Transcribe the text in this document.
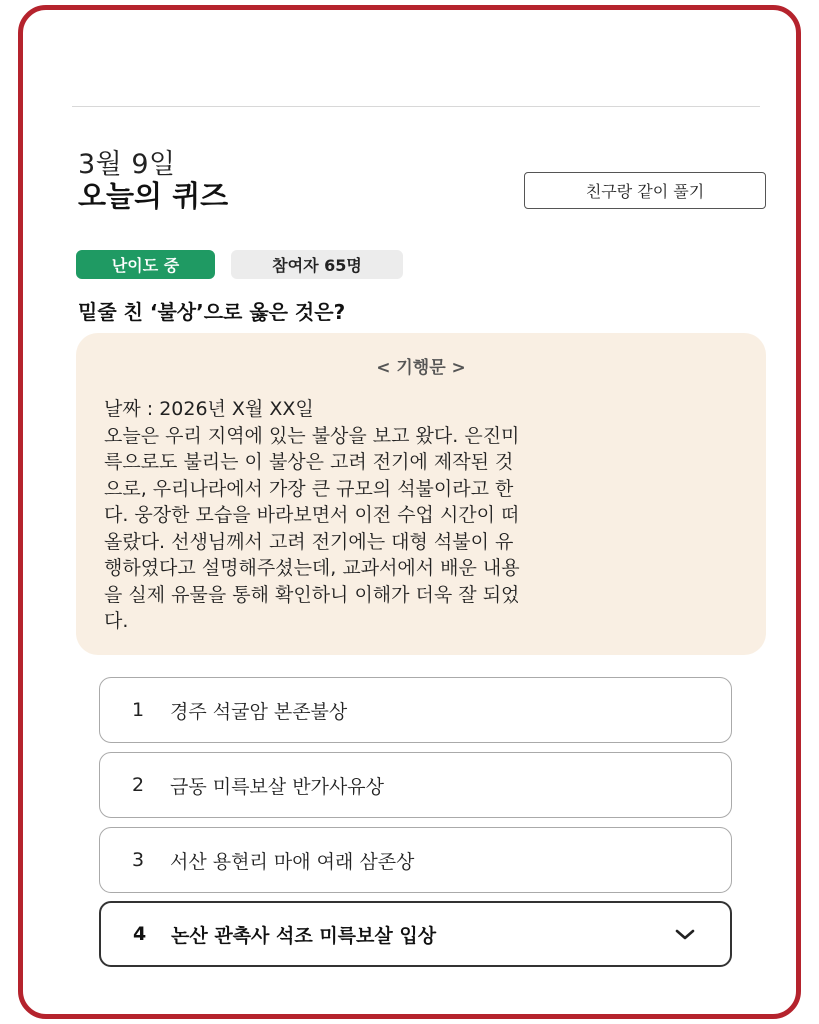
3월 9일
오늘의 퀴즈	친구랑 같이 풀기
난이도 중	참여자 65명
밑줄 친 ‘불상’으로 옳은 것은?
< 기행문 >
날짜 : 2026년 X월 XX일
오늘은 우리 지역에 있는 불상을 보고 왔다. 은진미
륵으로도 불리는 이 불상은 고려 전기에 제작된 것
으로, 우리나라에서 가장 큰 규모의 석불이라고 한
다. 웅장한 모습을 바라보면서 이전 수업 시간이 떠
올랐다. 선생님께서 고려 전기에는 대형 석불이 유
행하였다고 설명해주셨는데, 교과서에서 배운 내용
을 실제 유물을 통해 확인하니 이해가 더욱 잘 되었
다.
1	경주 석굴암 본존불상
2	금동 미륵보살 반가사유상
3	서산 용현리 마애 여래 삼존상
4	논산 관촉사 석조 미륵보살 입상
